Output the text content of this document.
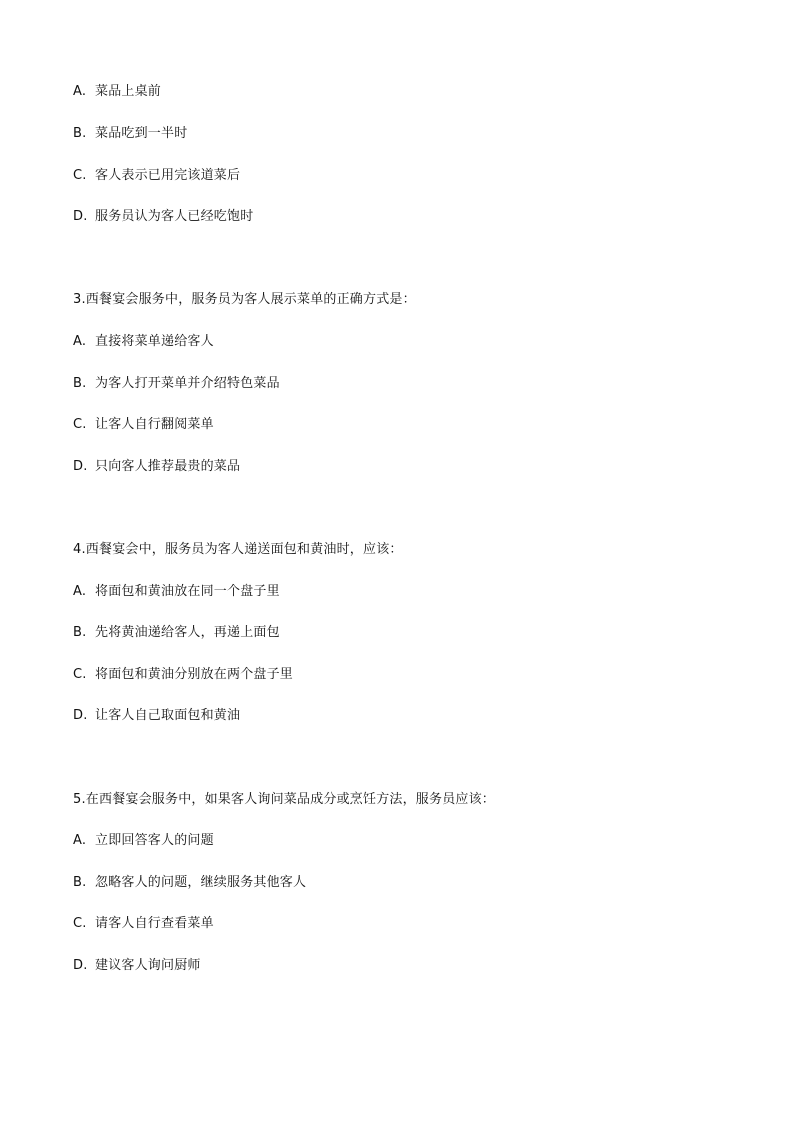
A. 菜品上桌前
B. 菜品吃到一半时
C. 客人表示已用完该道菜后
D. 服务员认为客人已经吃饱时
3.西餐宴会服务中，服务员为客人展示菜单的正确方式是：
A. 直接将菜单递给客人
B. 为客人打开菜单并介绍特色菜品
C. 让客人自行翻阅菜单
D. 只向客人推荐最贵的菜品
4.西餐宴会中，服务员为客人递送面包和黄油时，应该：
A. 将面包和黄油放在同一个盘子里
B. 先将黄油递给客人，再递上面包
C. 将面包和黄油分别放在两个盘子里
D. 让客人自己取面包和黄油
5.在西餐宴会服务中，如果客人询问菜品成分或烹饪方法，服务员应该：
A. 立即回答客人的问题
B. 忽略客人的问题，继续服务其他客人
C. 请客人自行查看菜单
D. 建议客人询问厨师
